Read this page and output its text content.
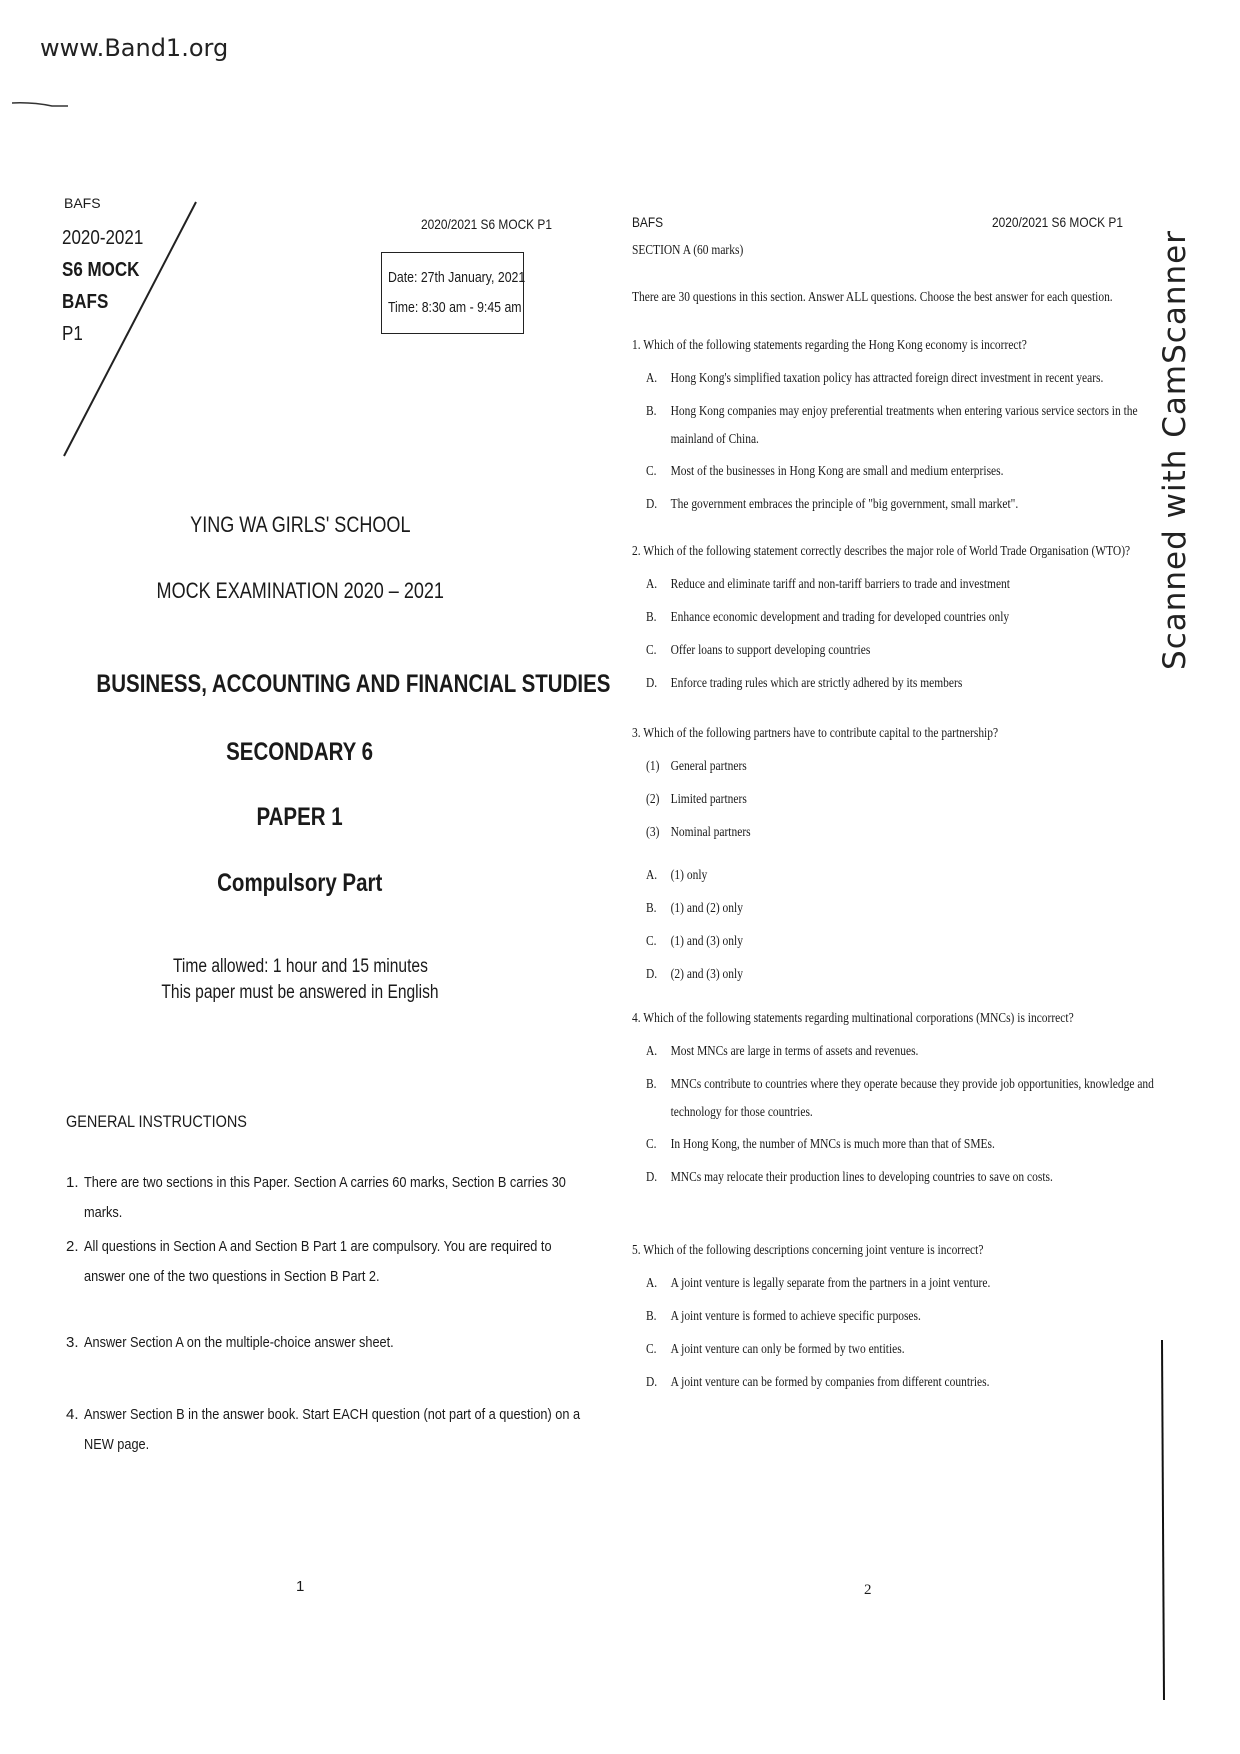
www.Band1.org
BAFS
2020-2021
S6 MOCK
BAFS
P1
2020/2021 S6 MOCK P1
Date: 27th January, 2021
Time: 8:30 am - 9:45 am
YING WA GIRLS' SCHOOL
MOCK EXAMINATION 2020 – 2021
BUSINESS, ACCOUNTING AND FINANCIAL STUDIES
SECONDARY 6
PAPER 1
Compulsory Part
Time allowed: 1 hour and 15 minutes
This paper must be answered in English
GENERAL INSTRUCTIONS
1. There are two sections in this Paper. Section A carries 60 marks, Section B carries 30 marks.
2. All questions in Section A and Section B Part 1 are compulsory. You are required to answer one of the two questions in Section B Part 2.
3. Answer Section A on the multiple-choice answer sheet.
4. Answer Section B in the answer book. Start EACH question (not part of a question) on a NEW page.
1
BAFS	2020/2021 S6 MOCK P1
SECTION A (60 marks)
There are 30 questions in this section. Answer ALL questions. Choose the best answer for each question.
1. Which of the following statements regarding the Hong Kong economy is incorrect?
A. Hong Kong's simplified taxation policy has attracted foreign direct investment in recent years.
B. Hong Kong companies may enjoy preferential treatments when entering various service sectors in the
mainland of China.
C. Most of the businesses in Hong Kong are small and medium enterprises.
D. The government embraces the principle of "big government, small market".
2. Which of the following statement correctly describes the major role of World Trade Organisation (WTO)?
A. Reduce and eliminate tariff and non-tariff barriers to trade and investment
B. Enhance economic development and trading for developed countries only
C. Offer loans to support developing countries
D. Enforce trading rules which are strictly adhered by its members
3. Which of the following partners have to contribute capital to the partnership?
(1) General partners
(2) Limited partners
(3) Nominal partners
A. (1) only
B. (1) and (2) only
C. (1) and (3) only
D. (2) and (3) only
4. Which of the following statements regarding multinational corporations (MNCs) is incorrect?
A. Most MNCs are large in terms of assets and revenues.
B. MNCs contribute to countries where they operate because they provide job opportunities, knowledge and
technology for those countries.
C. In Hong Kong, the number of MNCs is much more than that of SMEs.
D. MNCs may relocate their production lines to developing countries to save on costs.
5. Which of the following descriptions concerning joint venture is incorrect?
A. A joint venture is legally separate from the partners in a joint venture.
B. A joint venture is formed to achieve specific purposes.
C. A joint venture can only be formed by two entities.
D. A joint venture can be formed by companies from different countries.
2
Scanned with CamScanner
